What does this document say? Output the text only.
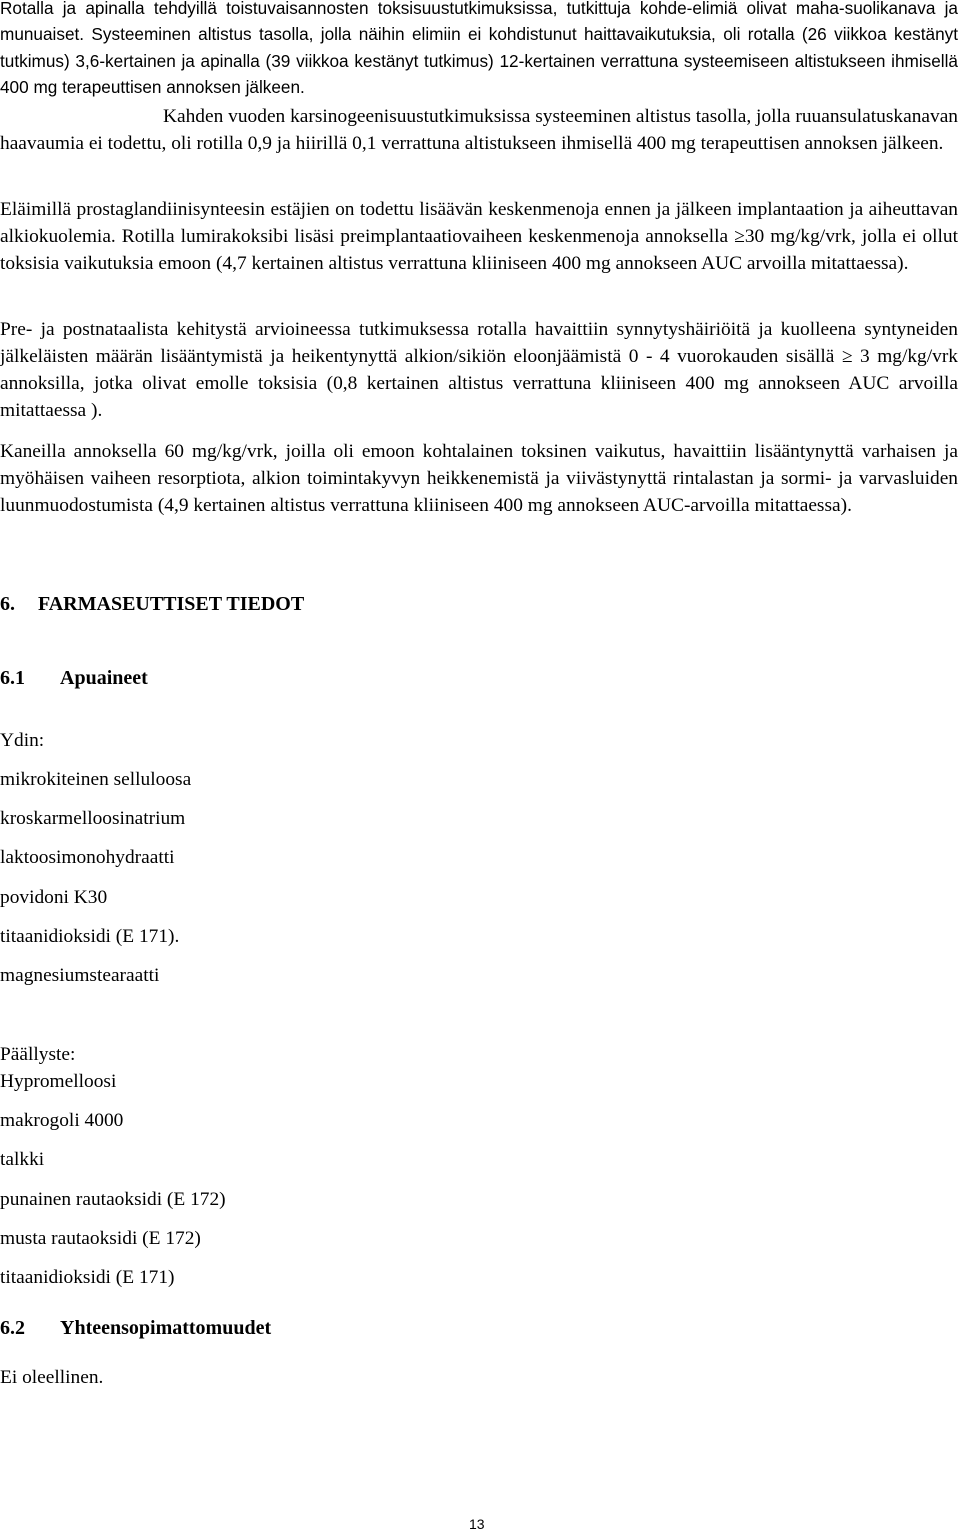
Rotalla ja apinalla tehdyillä toistuvaisannosten toksisuustutkimuksissa, tutkittuja kohde-elimiä olivat maha-suolikanava ja munuaiset. Systeeminen altistus tasolla, jolla näihin elimiin ei kohdistunut haittavaikutuksia, oli rotalla (26 viikkoa kestänyt tutkimus) 3,6-kertainen ja apinalla (39 viikkoa kestänyt tutkimus) 12-kertainen verrattuna systeemiseen altistukseen ihmisellä 400 mg terapeuttisen annoksen jälkeen.

Kahden vuoden karsinogeenisuustutkimuksissa systeeminen altistus tasolla, jolla ruuansulatuskanavan haavaumia ei todettu, oli rotilla 0,9 ja hiirillä 0,1 verrattuna altistukseen ihmisellä 400 mg terapeuttisen annoksen jälkeen.

Eläimillä prostaglandiinisynteesin estäjien on todettu lisäävän keskenmenoja ennen ja jälkeen implantaation ja aiheuttavan alkiokuolemia. Rotilla lumirakoksibi lisäsi preimplantaatiovaiheen keskenmenoja annoksella ≥30 mg/kg/vrk, jolla ei ollut toksisia vaikutuksia emoon (4,7 kertainen altistus verrattuna kliiniseen 400 mg annokseen AUC arvoilla mitattaessa).

Pre- ja postnataalista kehitystä arvioineessa tutkimuksessa rotalla havaittiin synnytyshäiriöitä ja kuolleena syntyneiden jälkeläisten määrän lisääntymistä ja heikentynyttä alkion/sikiön eloonjäämistä 0 - 4 vuorokauden sisällä ≥ 3 mg/kg/vrk annoksilla, jotka olivat emolle toksisia (0,8 kertainen altistus verrattuna kliiniseen 400 mg annokseen AUC arvoilla mitattaessa ).

Kaneilla annoksella 60 mg/kg/vrk, joilla oli emoon kohtalainen toksinen vaikutus, havaittiin lisääntynyttä varhaisen ja myöhäisen vaiheen resorptiota, alkion toimintakyvyn heikkenemistä ja viivästynyttä rintalastan ja sormi- ja varvasluiden luunmuodostumista (4,9 kertainen altistus verrattuna kliiniseen 400 mg annokseen AUC-arvoilla mitattaessa).

6. FARMASEUTTISET TIEDOT
6.1 Apuaineet

Ydin:

mikrokiteinen selluloosa

kroskarmelloosinatrium

laktoosimonohydraatti

povidoni K30

titaanidioksidi (E 171).

magnesiumstearaatti

Päällyste:

Hypromelloosi

makrogoli 4000

talkki

punainen rautaoksidi (E 172)

musta rautaoksidi (E 172)

titaanidioksidi (E 171)

6.2 Yhteensopimattomuudet

Ei oleellinen.

13
